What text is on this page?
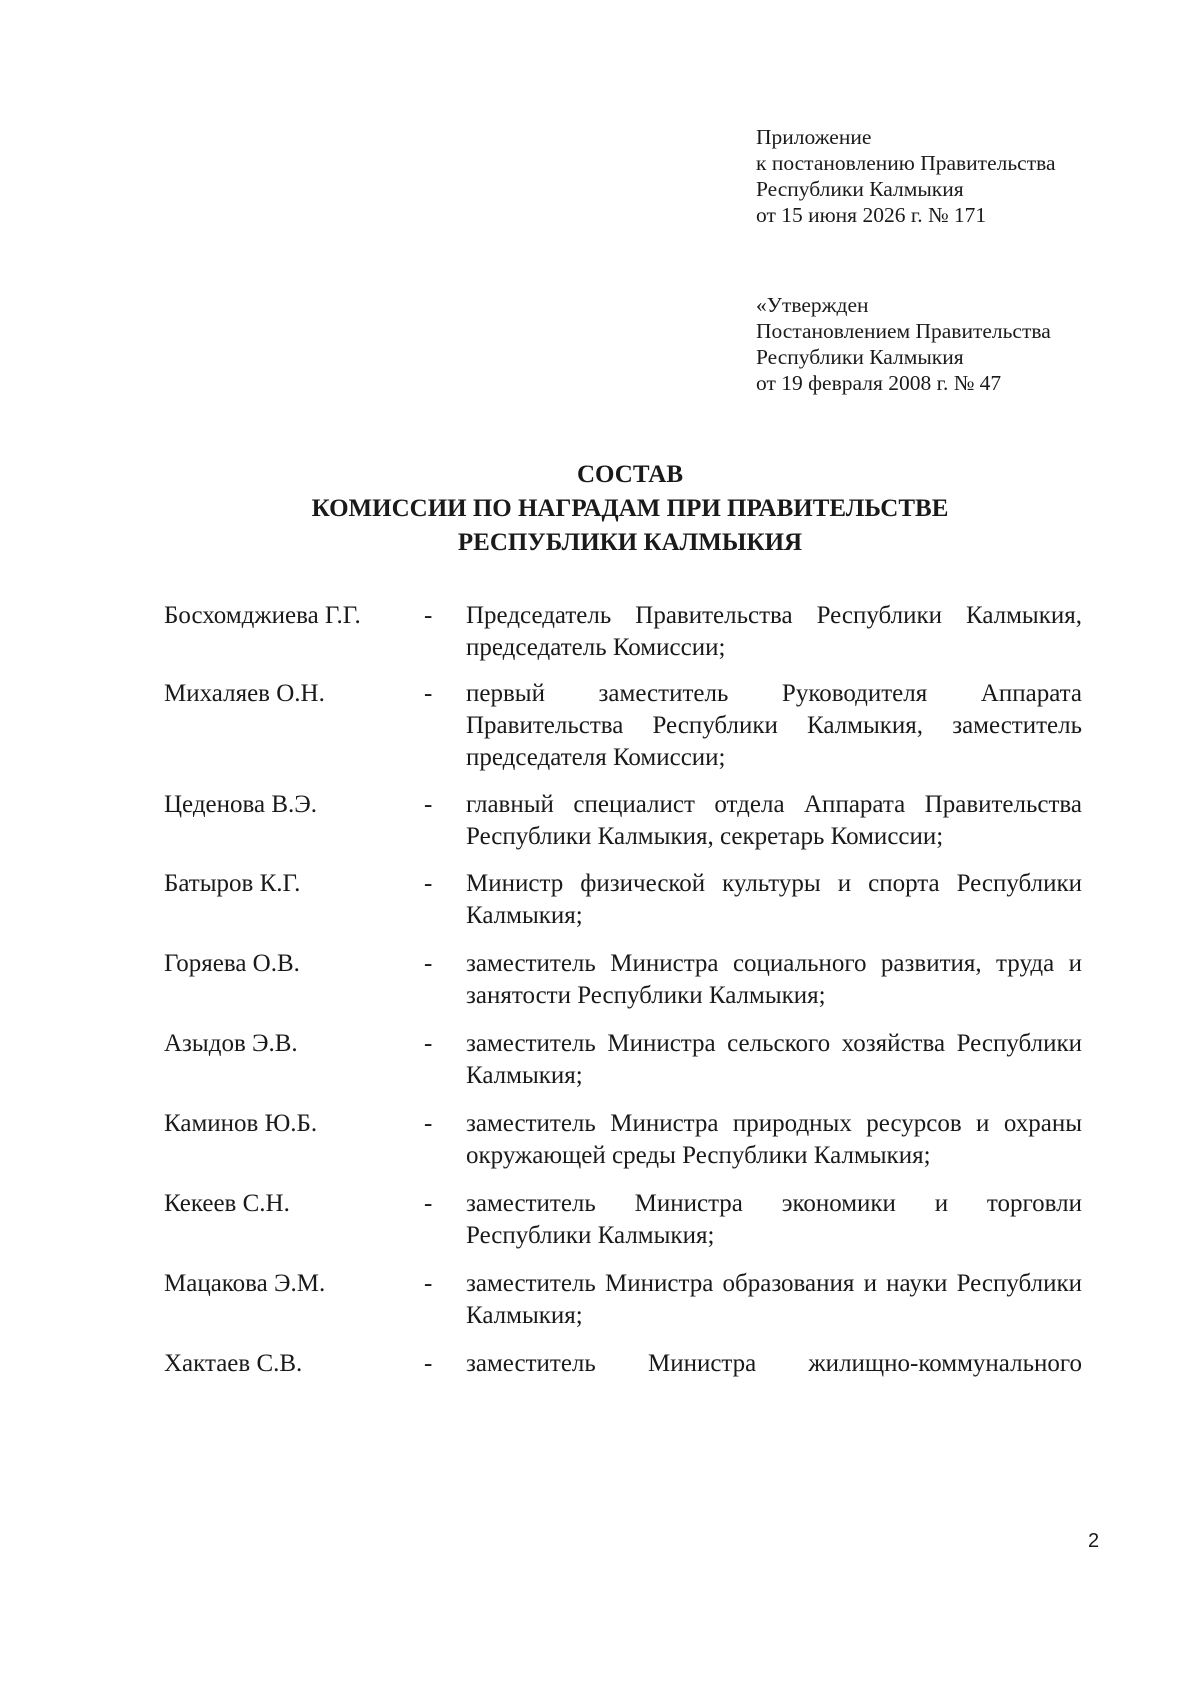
Приложение
к постановлению Правительства
Республики Калмыкия
от 15 июня 2026 г. № 171
«Утвержден
Постановлением Правительства
Республики Калмыкия
от 19 февраля 2008 г. № 47
СОСТАВ
КОМИССИИ ПО НАГРАДАМ ПРИ ПРАВИТЕЛЬСТВЕ
РЕСПУБЛИКИ КАЛМЫКИЯ
Босхомджиева Г.Г.	-	Председатель Правительства Республики Калмыкия, председатель Комиссии;
Михаляев О.Н.	-	первый заместитель Руководителя Аппарата Правительства Республики Калмыкия, заместитель председателя Комиссии;
Цеденова В.Э.	-	главный специалист отдела Аппарата Правительства Республики Калмыкия, секретарь Комиссии;
Батыров К.Г.	-	Министр физической культуры и спорта Республики Калмыкия;
Горяева О.В.	-	заместитель Министра социального развития, труда и занятости Республики Калмыкия;
Азыдов Э.В.	-	заместитель Министра сельского хозяйства Республики Калмыкия;
Каминов Ю.Б.	-	заместитель Министра природных ресурсов и охраны окружающей среды Республики Калмыкия;
Кекеев С.Н.	-	заместитель Министра экономики и торговли Республики Калмыкия;
Мацакова Э.М.	-	заместитель Министра образования и науки Республики Калмыкия;
Хактаев С.В.	-	заместитель Министра жилищно-коммунального
2
